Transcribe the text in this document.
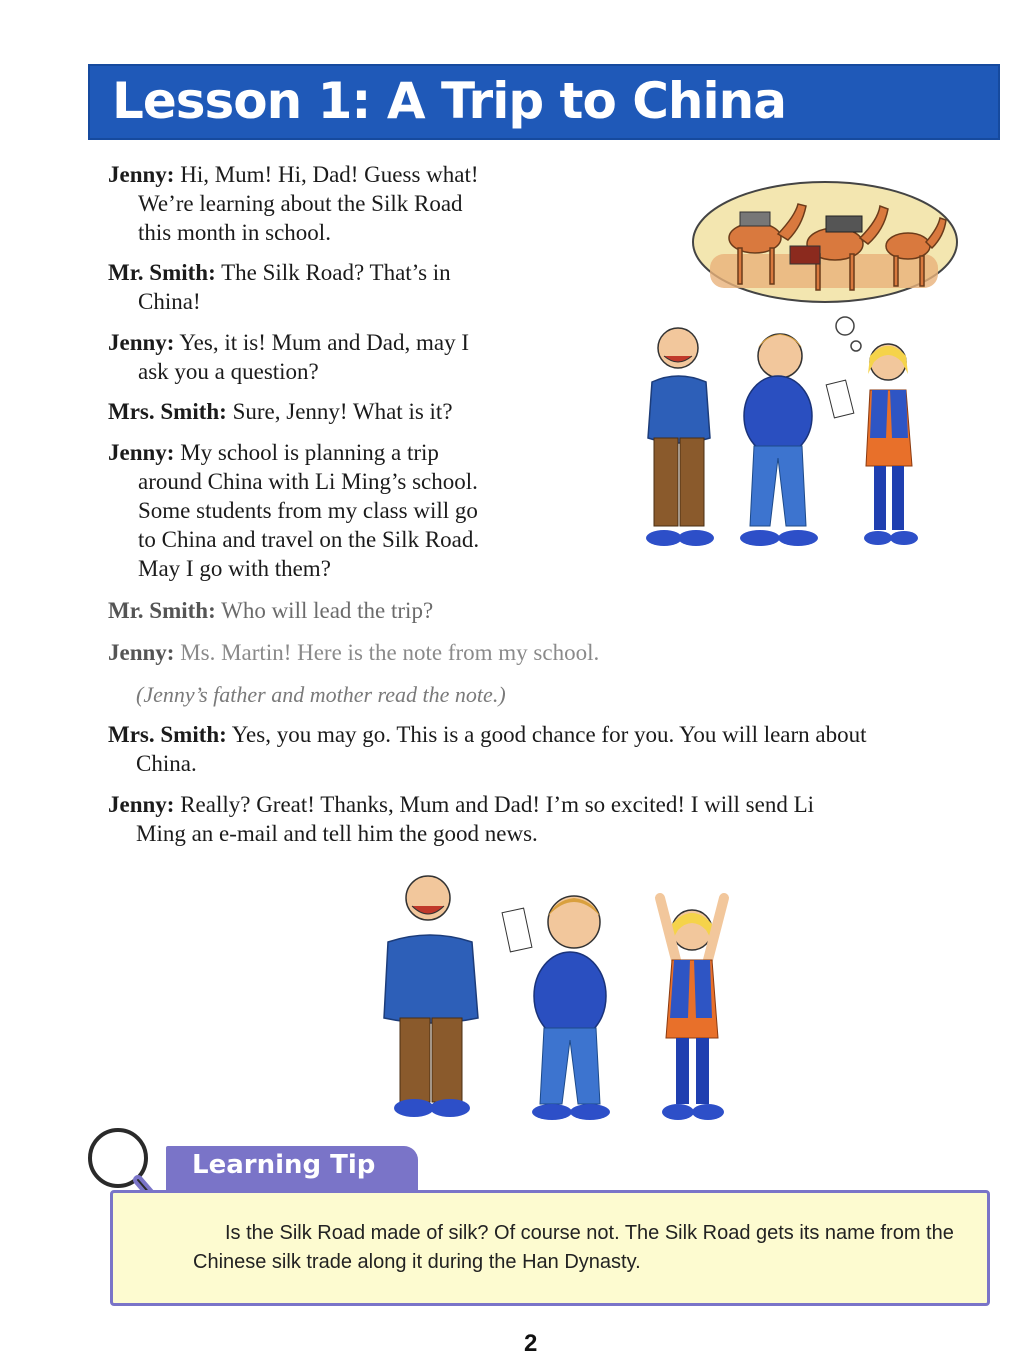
Lesson 1: A Trip to China
Jenny: Hi, Mum! Hi, Dad! Guess what!
We’re learning about the Silk Road
this month in school.
Mr. Smith: The Silk Road? That’s in
China!
Jenny: Yes, it is! Mum and Dad, may I
ask you a question?
Mrs. Smith: Sure, Jenny! What is it?
Jenny: My school is planning a trip
around China with Li Ming’s school.
Some students from my class will go
to China and travel on the Silk Road.
May I go with them?
Mr. Smith: Who will lead the trip?
Jenny: Ms. Martin! Here is the note from my school.
(Jenny’s father and mother read the note.)
Mrs. Smith: Yes, you may go. This is a good chance for you. You will learn about
China.
Jenny: Really? Great! Thanks, Mum and Dad! I’m so excited! I will send Li
Ming an e-mail and tell him the good news.
Learning Tip

Is the Silk Road made of silk? Of course not. The Silk Road gets its name from the Chinese silk trade along it during the Han Dynasty.

2
